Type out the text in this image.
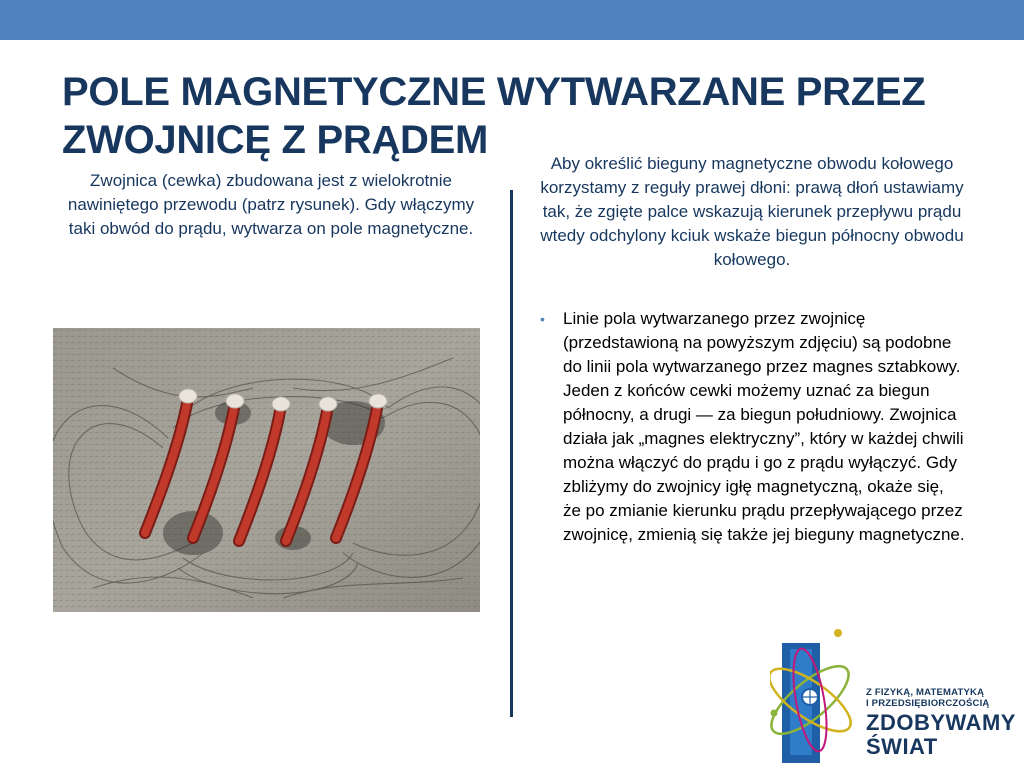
POLE MAGNETYCZNE WYTWARZANE PRZEZ
ZWOJNICĘ Z PRĄDEM
Zwojnica (cewka) zbudowana jest z wielokrotnie nawiniętego przewodu (patrz rysunek). Gdy włączymy taki obwód do prądu, wytwarza on pole magnetyczne.
Aby określić bieguny magnetyczne obwodu kołowego korzystamy z reguły prawej dłoni: prawą dłoń ustawiamy tak, że zgięte palce wskazują kierunek przepływu prądu wtedy odchylony kciuk wskaże biegun północny obwodu kołowego.
• Linie pola wytwarzanego przez zwojnicę (przedstawioną na powyższym zdjęciu) są podobne do linii pola wytwarzanego przez magnes sztabkowy. Jeden z końców cewki możemy uznać za biegun północny, a drugi — za biegun południowy. Zwojnica działa jak „magnes elektryczny”, który w każdej chwili można włączyć do prądu i go z prądu wyłączyć. Gdy zbliżymy do zwojnicy igłę magnetyczną, okaże się, że po zmianie kierunku prądu przepływającego przez zwojnicę, zmienią się także jej bieguny magnetyczne.
Z FIZYKĄ, MATEMATYKĄ
I PRZEDSIĘBIORCZOŚCIĄ
ZDOBYWAMY
ŚWIAT
